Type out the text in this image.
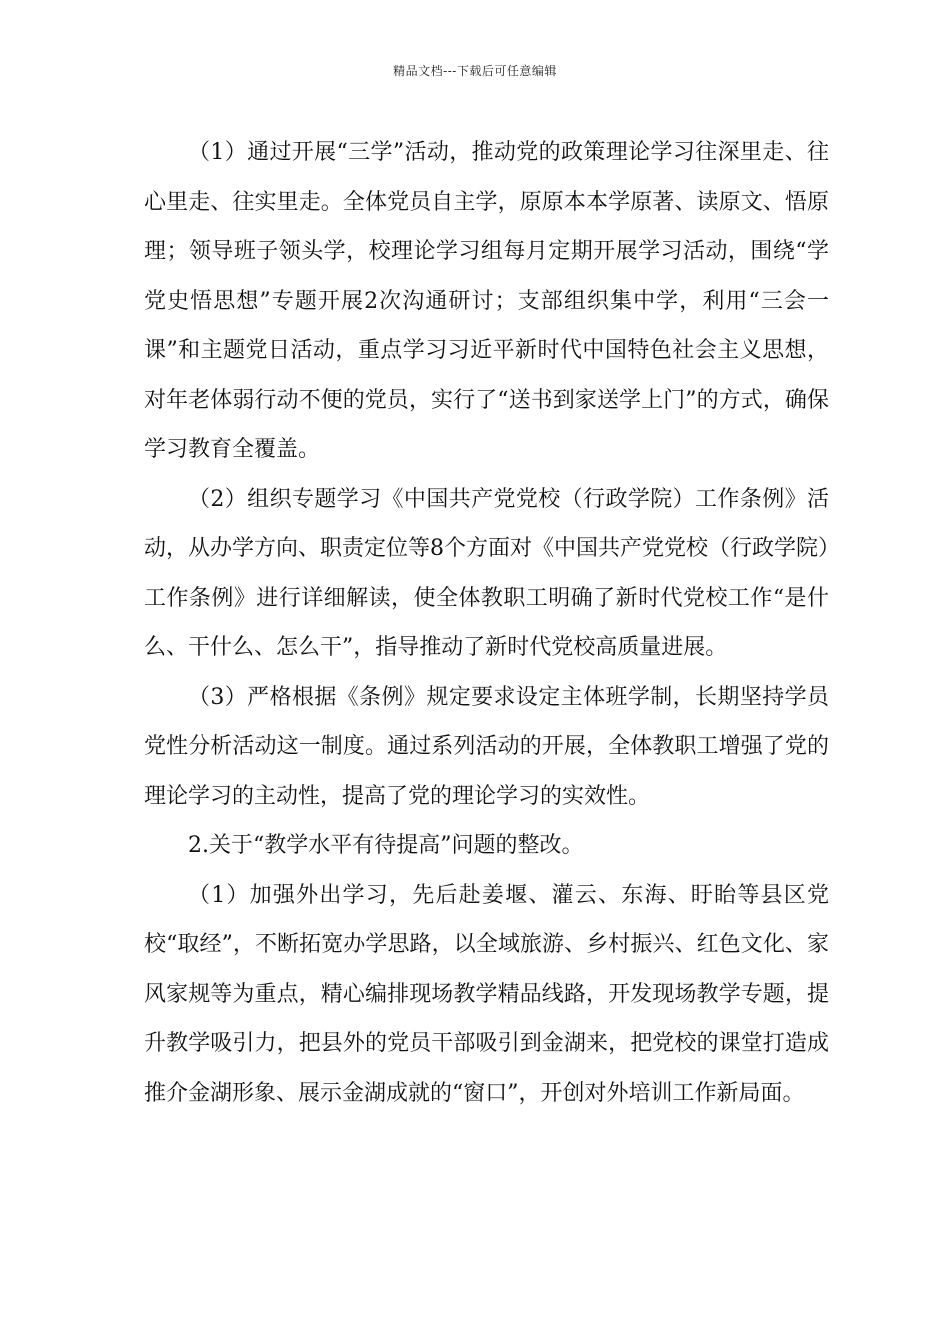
精品文档---下载后可任意编辑

（1）通过开展“三学”活动，推动党的政策理论学习往深里走、往心里走、往实里走。全体党员自主学，原原本本学原著、读原文、悟原理；领导班子领头学，校理论学习组每月定期开展学习活动，围绕“学党史悟思想”专题开展2次沟通研讨；支部组织集中学，利用“三会一课”和主题党日活动，重点学习习近平新时代中国特色社会主义思想，对年老体弱行动不便的党员，实行了“送书到家送学上门”的方式，确保学习教育全覆盖。

（2）组织专题学习《中国共产党党校（行政学院）工作条例》活动，从办学方向、职责定位等8个方面对《中国共产党党校（行政学院）工作条例》进行详细解读，使全体教职工明确了新时代党校工作“是什么、干什么、怎么干”，指导推动了新时代党校高质量进展。

（3）严格根据《条例》规定要求设定主体班学制，长期坚持学员党性分析活动这一制度。通过系列活动的开展，全体教职工增强了党的理论学习的主动性，提高了党的理论学习的实效性。

2.关于“教学水平有待提高”问题的整改。

（1）加强外出学习，先后赴姜堰、灌云、东海、盱眙等县区党校“取经”，不断拓宽办学思路，以全域旅游、乡村振兴、红色文化、家风家规等为重点，精心编排现场教学精品线路，开发现场教学专题，提升教学吸引力，把县外的党员干部吸引到金湖来，把党校的课堂打造成推介金湖形象、展示金湖成就的“窗口”，开创对外培训工作新局面。
